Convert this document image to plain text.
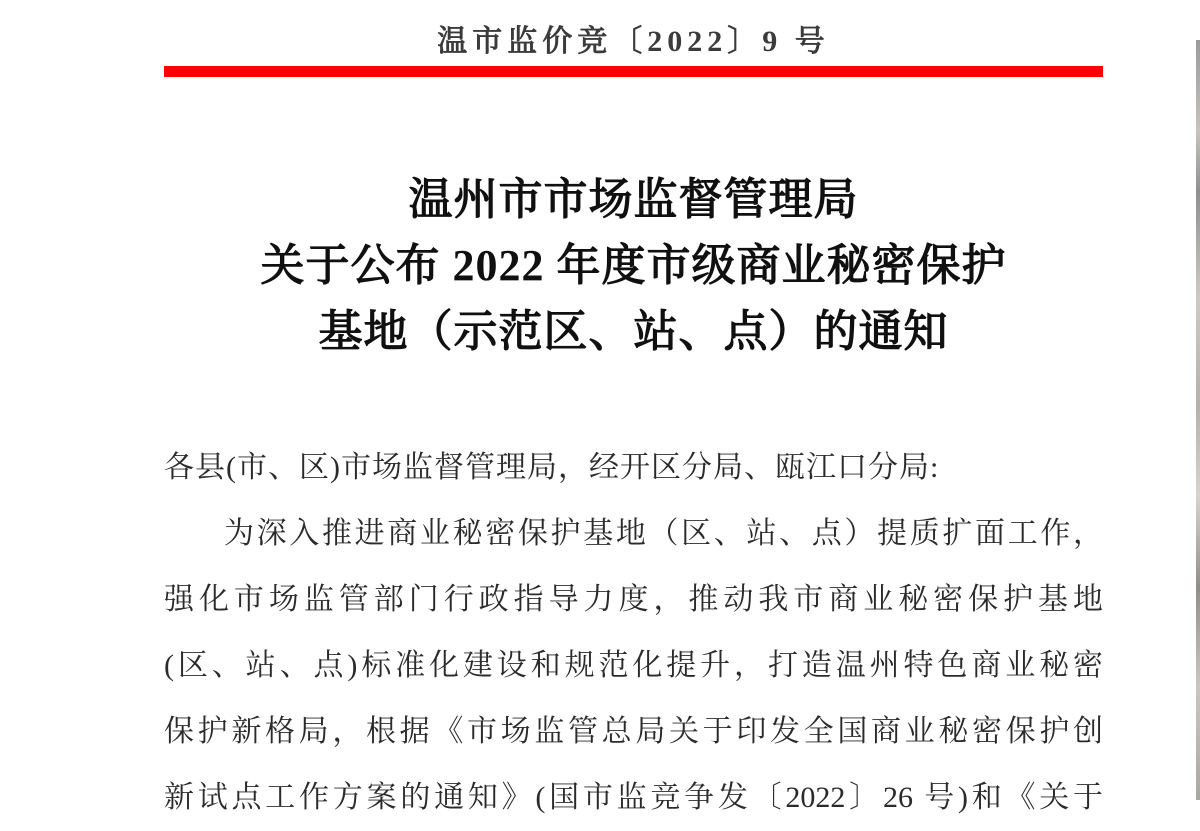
温市监价竞〔2022〕9 号
温州市市场监督管理局
关于公布 2022 年度市级商业秘密保护
基地（示范区、站、点）的通知
各县(市、区)市场监督管理局，经开区分局、瓯江口分局:
为深入推进商业秘密保护基地（区、站、点）提质扩面工作，
强化市场监管部门行政指导力度，推动我市商业秘密保护基地
(区、站、点)标准化建设和规范化提升，打造温州特色商业秘密
保护新格局，根据《市场监管总局关于印发全国商业秘密保护创
新试点工作方案的通知》(国市监竞争发〔2022〕26 号)和《关于
